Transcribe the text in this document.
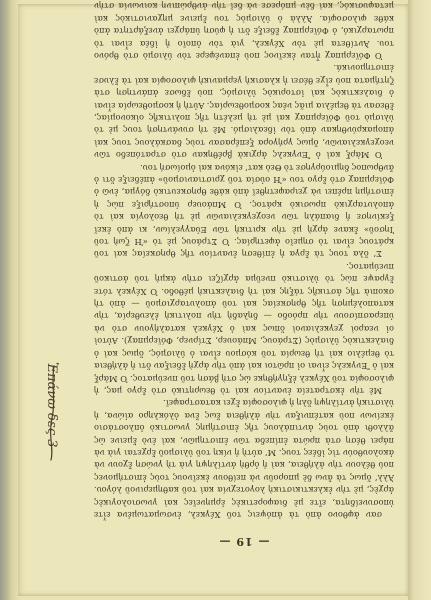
— 19 —

σαν ἀφθονο ἀπὸ τὰ ἀπόψεις τοῦ Χέγκελ, ἐνσωματωμένα εἶτε ὑποσυνείδητα, εἴτε μὲ διαφορετικὲς ἑρμηνεῖες καὶ γνωσιολογικὲς ἀρχὲς, μὲ τὴν ἐκλεκτικιστικὴ λογοτεχνία καὶ τοῦ καθημερινοῦ λόγου. Ἀλλ’ ὅμως τὰ ἄνω δὲ μποροῦν νὰ πείθουν ἐκεῖνους τοὺς ἐπιστήμονες ποὺ θέλουν τὴν ἀλήθεια, καὶ ἡ ὀρθὴ ἀντίληψη γιὰ τὴ γνώση ἔχουν νὰ ἀκολουθούν τὶς ἰδέες τους. Μ’ αὐτὴ ἡ νίκη τοῦ ὑλισμοῦ ἔρχεται γιὰ νὰ πάρει θέση στὰ πρώτα ἐπίπεδα τῶν ἐπιστημῶν, καὶ ἐνὸ ἔμεινε ὡς ἄλλοθι ἀπὸ τοὺς ἀντιπάλους τῆς ἐπιστήμης γνωστικὸ ὁπλοστάσιο ἐκείνων ποὺ κατέπνιξαν τὴν ἀλήθεια ἕως ἔνα ὁλόκληρο αἰώνα, ἡ ὑλιστικὴ ἀντίληψη ὅλη ἡ φιλοσοφία ἔχει καταστραφεῖ.

Μὲ τὴν ἐκστρατεία ἐναντίον καὶ τὸ θεωρητικὸ στὸ ἔργο μας, ἡ φιλοσοφία τοῦ Χέγκελ ἐξηγήθηκε ὡς στὴ βάση τοῦ πνεύματος. Ὁ Μὰρξ καὶ ὁ Ἔνγκελς εἶναι οἱ πρῶτοι καὶ ἀπὸ τὴν ἀρχὴ ἔδειξαν ὅτι ἡ ἀλήθεια τὸ θεμέλιο καὶ τὴ θεωρία τοῦ κόσμου εἶναι ὁ ὑλισμός, ὅμως καὶ ὁ διαλεκτικὸς ὑλισμὸς (Στράους, Μπάουερ, Στίρνερ, Φόϊερμπαχ). Αὐτοὶ οἱ νεαροὶ χεγκελιανοὶ ὅπως καὶ ὁ Χέγκελ καταλήγουν στὸ νὰ ὑπερασπίσουν τὴν πρόοδο — δηλαδὴ τὴν πολιτικὴ ἐλευθερία, τὴν καταπολέμηση τῆς θρησκείας καὶ τοῦ ἀπολυταρχισμοῦ — ἀπὸ τὴ σκοπιὰ τῆς ἀστικῆς τάξης καὶ τὴ διαλεκτικὴ μέθοδο. Ὁ Χέγκελ τότε ἔγραψε πὼς τὸ ὑλιστικὸ πνεῦμα ἀρχίζει στὴν ἀκμὴ τοῦ ἀστικοῦ πνεύματος.

Σ’ ὅλα τους τὰ ἔργα ἡ ἐπίθεση ἐναντίον τῆς θρησκείας καὶ τοῦ κράτους εἶναι τὸ σημεῖο ἀφετηρίας. Ὁ Στράους μὲ τὸ «Ἡ ζωὴ τοῦ Ἰησοῦ» ἔκανε ἀρχὴ μὲ τὴν κριτικὴ τῶν Εὐαγγελίων, κι ἀπὸ ἐκεῖ ξεκίνησε ἡ διαπάλη τῶν νεοχεγκελιανῶν μὲ τὴ θεολογία καὶ τὸ ἀπολυταρχικὸ πρωσικὸ κράτος. Ὁ Μπάουερ ὑποστήριξε πὼς ἡ ἐπιστήμη πρέπει νὰ χειραφετηθεῖ ἀπὸ κάθε θρησκευτικὸ δόγμα, ἐνῶ ὁ Φόϊερμπαχ στὸ ἔργο του «Ἡ οὐσία τοῦ χριστιανισμοῦ» ἀπέδειξε ὅτι ὁ ἄνθρωπος δημιούργησε τὸ Θεὸ κατ’ εἰκόνα καὶ ὁμοίωσή του.

Ὁ Μὰρξ καὶ ὁ Ἔνγκελς ἀρχικὰ βρέθηκαν στὸ στρατόπεδο τῶν νεοχεγκελιανῶν, ὅμως γρήγορα ξεπέρασαν τοὺς δασκάλους τους καὶ ἀπομακρύνθηκαν ἀπὸ τὸν ἰδεαλισμό. Μὲ τὴ συνάντησή τους μὲ τὸ ὑλισμὸ τοῦ Φόϊερμπαχ καὶ μὲ τὴ μελέτη τῆς πολιτικῆς οἰκονομίας, ἔθεσαν τὰ θεμέλια μιᾶς νέας κοσμοθεωρίας. Αὐτὴ ἡ κοσμοθεωρία εἶναι ὁ διαλεκτικὸς καὶ ἱστορικὸς ὑλισμός, ποὺ ἔδωσε ἀπάντηση στὰ ζητήματα ποὺ εἶχε θέσει ἡ κλασικὴ γερμανικὴ φιλοσοφία καὶ τὰ ἔλυσε ἐπιστημονικά.

Ὁ Φόϊερμπαχ ἦταν ἐκεῖνος ποὺ ἐπανέφερε τὸν ὑλισμὸ στὸ θρόνο του. Ἀντίθετα μὲ τὸν Χέγκελ, γιὰ τὸν ὁποῖο ἡ ἰδέα εἶναι τὸ πρωταρχικό, ὁ Φόϊερμπαχ ἔδειξε ὅτι ἡ φύση ὑπάρχει ἀνεξάρτητα ἀπὸ κάθε φιλοσοφία. Ἀλλὰ ὁ ὑλισμὸς του ἔμεινε μηχανιστικὸς καὶ μεταφυσικός, καὶ δὲν μπόρεσε νὰ δεῖ τὴν ἀνθρώπινη κοινωνία στὴν

Ἐπάνω δες 3
